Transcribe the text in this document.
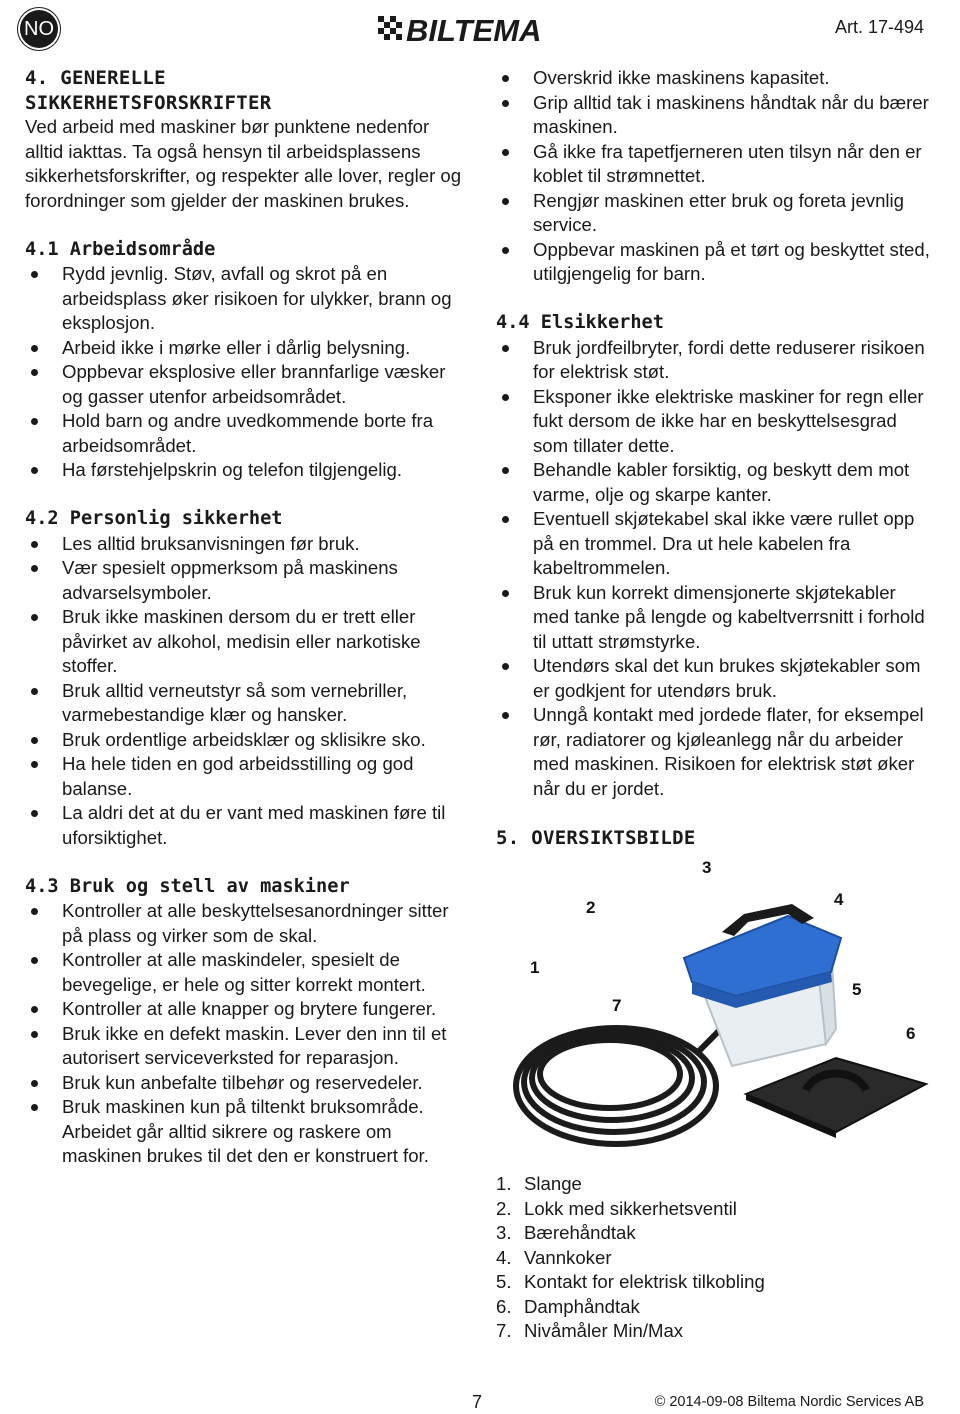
NO	BILTEMA	Art. 17-494
4. GENERELLE
SIKKERHETSFORSKRIFTER

Ved arbeid med maskiner bør punktene nedenfor alltid iakttas. Ta også hensyn til arbeidsplassens sikkerhetsforskrifter, og respekter alle lover, regler og forordninger som gjelder der maskinen brukes.

4.1 Arbeidsområde
Rydd jevnlig. Støv, avfall og skrot på en arbeidsplass øker risikoen for ulykker, brann og eksplosjon.
Arbeid ikke i mørke eller i dårlig belysning.
Oppbevar eksplosive eller brannfarlige væsker og gasser utenfor arbeidsområdet.
Hold barn og andre uvedkommende borte fra arbeidsområdet.
Ha førstehjelpskrin og telefon tilgjengelig.
4.2 Personlig sikkerhet
Les alltid bruksanvisningen før bruk.
Vær spesielt oppmerksom på maskinens advarselsymboler.
Bruk ikke maskinen dersom du er trett eller påvirket av alkohol, medisin eller narkotiske stoffer.
Bruk alltid verneutstyr så som vernebriller, varmebestandige klær og hansker.
Bruk ordentlige arbeidsklær og sklisikre sko.
Ha hele tiden en god arbeidsstilling og god balanse.
La aldri det at du er vant med maskinen føre til uforsiktighet.
4.3 Bruk og stell av maskiner
Kontroller at alle beskyttelsesanordninger sitter på plass og virker som de skal.
Kontroller at alle maskindeler, spesielt de bevegelige, er hele og sitter korrekt montert.
Kontroller at alle knapper og brytere fungerer.
Bruk ikke en defekt maskin. Lever den inn til et autorisert serviceverksted for reparasjon.
Bruk kun anbefalte tilbehør og reservedeler.
Bruk maskinen kun på tiltenkt bruksområde. Arbeidet går alltid sikrere og raskere om maskinen brukes til det den er konstruert for.
Overskrid ikke maskinens kapasitet.
Grip alltid tak i maskinens håndtak når du bærer maskinen.
Gå ikke fra tapetfjerneren uten tilsyn når den er koblet til strømnettet.
Rengjør maskinen etter bruk og foreta jevnlig service.
Oppbevar maskinen på et tørt og beskyttet sted, utilgjengelig for barn.
4.4 Elsikkerhet
Bruk jordfeilbryter, fordi dette reduserer risikoen for elektrisk støt.
Eksponer ikke elektriske maskiner for regn eller fukt dersom de ikke har en beskyttelsesgrad som tillater dette.
Behandle kabler forsiktig, og beskytt dem mot varme, olje og skarpe kanter.
Eventuell skjøtekabel skal ikke være rullet opp på en trommel. Dra ut hele kabelen fra kabeltrommelen.
Bruk kun korrekt dimensjonerte skjøtekabler med tanke på lengde og kabeltverrsnitt i forhold til uttatt strømstyrke.
Utendørs skal det kun brukes skjøtekabler som er godkjent for utendørs bruk.
Unngå kontakt med jordede flater, for eksempel rør, radiatorer og kjøleanlegg når du arbeider med maskinen. Risikoen for elektrisk støt øker når du er jordet.
5. OVERSIKTSBILDE
1
2
3
4
5
6
7
1. Slange
2. Lokk med sikkerhetsventil
3. Bærehåndtak
4. Vannkoker
5. Kontakt for elektrisk tilkobling
6. Damphåndtak
7. Nivåmåler Min/Max
7	© 2014-09-08 Biltema Nordic Services AB
